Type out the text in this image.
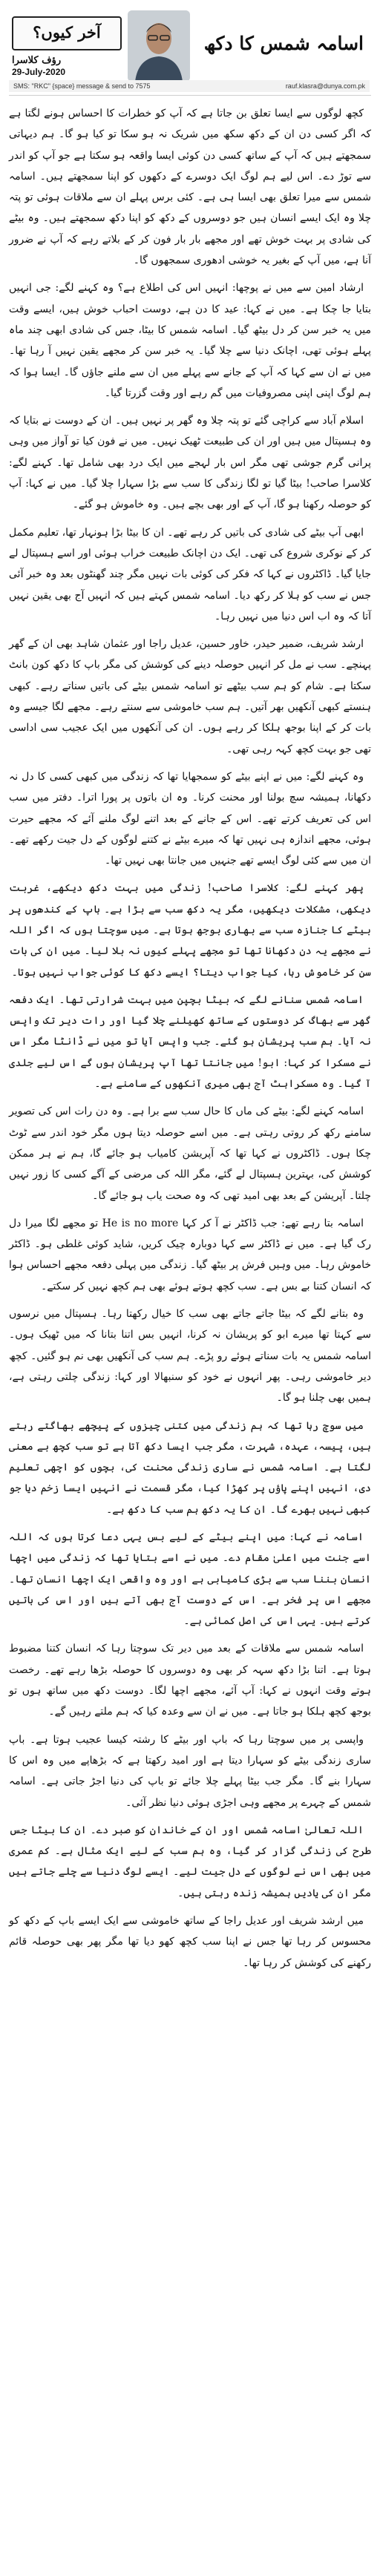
اسامہ شمس کا دکھ
آخر کیوں؟
رؤف کلاسرا
29-July-2020
SMS: "RKC" {space} message & send to 7575	rauf.klasra@dunya.com.pk

کچھ لوگوں سے ایسا تعلق بن جاتا ہے کہ آپ کو خطرات کا احساس ہونے لگتا ہے کہ اگر کسی دن ان کے دکھ سکھ میں شریک نہ ہو سکا تو کیا ہو گا۔ ہم دیہاتی سمجھتے ہیں کہ آپ کے ساتھ کسی دن کوئی ایسا واقعہ ہو سکتا ہے جو آپ کو اندر سے توڑ دے۔ اس لیے ہم لوگ ایک دوسرے کے دکھوں کو اپنا سمجھتے ہیں۔ اسامہ شمس سے میرا تعلق بھی ایسا ہی ہے۔ کئی برس پہلے ان سے ملاقات ہوئی تو پتہ چلا وہ ایک ایسے انسان ہیں جو دوسروں کے دکھ کو اپنا دکھ سمجھتے ہیں۔ وہ بیٹے کی شادی پر بہت خوش تھے اور مجھے بار بار فون کر کے بلاتے رہے کہ آپ نے ضرور آنا ہے، میں آپ کے بغیر یہ خوشی ادھوری سمجھوں گا۔

ارشاد امین سے میں نے پوچھا: انہیں اس کی اطلاع ہے؟ وہ کہنے لگے: جی انہیں بتایا جا چکا ہے۔ میں نے کہا: عید کا دن ہے، دوست احباب خوش ہیں، ایسے وقت میں یہ خبر سن کر دل بیٹھ گیا۔ اسامہ شمس کا بیٹا، جس کی شادی ابھی چند ماہ پہلے ہوئی تھی، اچانک دنیا سے چلا گیا۔ یہ خبر سن کر مجھے یقین نہیں آ رہا تھا۔ میں نے ان سے کہا کہ آپ کے جانے سے پہلے میں ان سے ملنے جاؤں گا۔ ایسا ہوا کہ ہم لوگ اپنی اپنی مصروفیات میں گم رہے اور وقت گزرتا گیا۔

اسلام آباد سے کراچی گئے تو پتہ چلا وہ گھر پر نہیں ہیں۔ ان کے دوست نے بتایا کہ وہ ہسپتال میں ہیں اور ان کی طبیعت ٹھیک نہیں۔ میں نے فون کیا تو آواز میں وہی پرانی گرم جوشی تھی مگر اس بار لہجے میں ایک درد بھی شامل تھا۔ کہنے لگے: کلاسرا صاحب! بیٹا گیا تو لگا زندگی کا سب سے بڑا سہارا چلا گیا۔ میں نے کہا: آپ کو حوصلہ رکھنا ہو گا، آپ کے اور بھی بچے ہیں۔ وہ خاموش ہو گئے۔

ابھی آپ بیٹے کی شادی کی باتیں کر رہے تھے۔ ان کا بیٹا بڑا ہونہار تھا، تعلیم مکمل کر کے نوکری شروع کی تھی۔ ایک دن اچانک طبیعت خراب ہوئی اور اسے ہسپتال لے جایا گیا۔ ڈاکٹروں نے کہا کہ فکر کی کوئی بات نہیں مگر چند گھنٹوں بعد وہ خبر آئی جس نے سب کو ہلا کر رکھ دیا۔ اسامہ شمس کہتے ہیں کہ انہیں آج بھی یقین نہیں آتا کہ وہ اب اس دنیا میں نہیں رہا۔

ارشد شریف، ضمیر حیدر، خاور حسین، عدیل راجا اور عثمان شاہد بھی ان کے گھر پہنچے۔ سب نے مل کر انہیں حوصلہ دینے کی کوشش کی مگر باپ کا دکھ کون بانٹ سکتا ہے۔ شام کو ہم سب بیٹھے تو اسامہ شمس بیٹے کی باتیں سناتے رہے۔ کبھی ہنستے کبھی آنکھیں بھر آتیں۔ ہم سب خاموشی سے سنتے رہے۔ مجھے لگا جیسے وہ بات کر کے اپنا بوجھ ہلکا کر رہے ہوں۔ ان کی آنکھوں میں ایک عجیب سی اداسی تھی جو بہت کچھ کہہ رہی تھی۔

وہ کہنے لگے: میں نے اپنے بیٹے کو سمجھایا تھا کہ زندگی میں کبھی کسی کا دل نہ دکھانا، ہمیشہ سچ بولنا اور محنت کرنا۔ وہ ان باتوں پر پورا اترا۔ دفتر میں سب اس کی تعریف کرتے تھے۔ اس کے جانے کے بعد اتنے لوگ ملنے آئے کہ مجھے حیرت ہوئی، مجھے اندازہ ہی نہیں تھا کہ میرے بیٹے نے کتنے لوگوں کے دل جیت رکھے تھے۔ ان میں سے کئی لوگ ایسے تھے جنہیں میں جانتا بھی نہیں تھا۔

پھر کہنے لگے: کلاسرا صاحب! زندگی میں بہت دکھ دیکھے، غربت دیکھی، مشکلات دیکھیں، مگر یہ دکھ سب سے بڑا ہے۔ باپ کے کندھوں پر بیٹے کا جنازہ سب سے بھاری بوجھ ہوتا ہے۔ میں سوچتا ہوں کہ اگر اللہ نے مجھے یہ دن دکھانا تھا تو مجھے پہلے کیوں نہ بلا لیا۔ میں ان کی بات سن کر خاموش رہا، کیا جواب دیتا؟ ایسے دکھ کا کوئی جواب نہیں ہوتا۔

اسامہ شمس سنانے لگے کہ بیٹا بچپن میں بہت شرارتی تھا۔ ایک دفعہ گھر سے بھاگ کر دوستوں کے ساتھ کھیلنے چلا گیا اور رات دیر تک واپس نہ آیا۔ ہم سب پریشان ہو گئے۔ جب واپس آیا تو میں نے ڈانٹا مگر اس نے مسکرا کر کہا: ابو! میں جانتا تھا آپ پریشان ہوں گے اس لیے جلدی آ گیا۔ وہ مسکراہٹ آج بھی میری آنکھوں کے سامنے ہے۔

اسامہ کہنے لگے: بیٹے کی ماں کا حال سب سے برا ہے۔ وہ دن رات اس کی تصویر سامنے رکھ کر روتی رہتی ہے۔ میں اسے حوصلہ دیتا ہوں مگر خود اندر سے ٹوٹ چکا ہوں۔ ڈاکٹروں نے کہا تھا کہ آپریشن کامیاب ہو جائے گا، ہم نے ہر ممکن کوشش کی، بہترین ہسپتال لے گئے، مگر اللہ کی مرضی کے آگے کسی کا زور نہیں چلتا۔ آپریشن کے بعد بھی امید تھی کہ وہ صحت یاب ہو جائے گا۔

اسامہ بتا رہے تھے: جب ڈاکٹر نے آ کر کہا He is no more تو مجھے لگا میرا دل رک گیا ہے۔ میں نے ڈاکٹر سے کہا دوبارہ چیک کریں، شاید کوئی غلطی ہو۔ ڈاکٹر خاموش رہا۔ میں وہیں فرش پر بیٹھ گیا۔ زندگی میں پہلی دفعہ مجھے احساس ہوا کہ انسان کتنا بے بس ہے۔ سب کچھ ہوتے ہوئے بھی ہم کچھ نہیں کر سکتے۔

وہ بتانے لگے کہ بیٹا جاتے جاتے بھی سب کا خیال رکھتا رہا۔ ہسپتال میں نرسوں سے کہتا تھا میرے ابو کو پریشان نہ کرنا، انہیں بس اتنا بتانا کہ میں ٹھیک ہوں۔ اسامہ شمس یہ بات سناتے ہوئے رو پڑے۔ ہم سب کی آنکھیں بھی نم ہو گئیں۔ کچھ دیر خاموشی رہی۔ پھر انہوں نے خود کو سنبھالا اور کہا: زندگی چلتی رہتی ہے، ہمیں بھی چلنا ہو گا۔

میں سوچ رہا تھا کہ ہم زندگی میں کتنی چیزوں کے پیچھے بھاگتے رہتے ہیں، پیسہ، عہدہ، شہرت، مگر جب ایسا دکھ آتا ہے تو سب کچھ بے معنی لگتا ہے۔ اسامہ شمس نے ساری زندگی محنت کی، بچوں کو اچھی تعلیم دی، انہیں اپنے پاؤں پر کھڑا کیا، مگر قسمت نے انہیں ایسا زخم دیا جو کبھی نہیں بھرے گا۔ ان کا یہ دکھ ہم سب کا دکھ ہے۔

اسامہ نے کہا: میں اپنے بیٹے کے لیے بس یہی دعا کرتا ہوں کہ اللہ اسے جنت میں اعلیٰ مقام دے۔ میں نے اسے بتایا تھا کہ زندگی میں اچھا انسان بننا سب سے بڑی کامیابی ہے اور وہ واقعی ایک اچھا انسان تھا۔ مجھے اس پر فخر ہے۔ اس کے دوست آج بھی آتے ہیں اور اس کی باتیں کرتے ہیں۔ یہی اس کی اصل کمائی ہے۔

اسامہ شمس سے ملاقات کے بعد میں دیر تک سوچتا رہا کہ انسان کتنا مضبوط ہوتا ہے۔ اتنا بڑا دکھ سہہ کر بھی وہ دوسروں کا حوصلہ بڑھا رہے تھے۔ رخصت ہوتے وقت انہوں نے کہا: آپ آئے، مجھے اچھا لگا۔ دوست دکھ میں ساتھ ہوں تو بوجھ کچھ ہلکا ہو جاتا ہے۔ میں نے ان سے وعدہ کیا کہ ہم ملتے رہیں گے۔

واپسی پر میں سوچتا رہا کہ باپ اور بیٹے کا رشتہ کیسا عجیب ہوتا ہے۔ باپ ساری زندگی بیٹے کو سہارا دیتا ہے اور امید رکھتا ہے کہ بڑھاپے میں وہ اس کا سہارا بنے گا۔ مگر جب بیٹا پہلے چلا جائے تو باپ کی دنیا اجڑ جاتی ہے۔ اسامہ شمس کے چہرے پر مجھے وہی اجڑی ہوئی دنیا نظر آئی۔

اللہ تعالیٰ اسامہ شمس اور ان کے خاندان کو صبر دے۔ ان کا بیٹا جس طرح کی زندگی گزار کر گیا، وہ ہم سب کے لیے ایک مثال ہے۔ کم عمری میں بھی اس نے لوگوں کے دل جیت لیے۔ ایسے لوگ دنیا سے چلے جاتے ہیں مگر ان کی یادیں ہمیشہ زندہ رہتی ہیں۔

میں ارشد شریف اور عدیل راجا کے ساتھ خاموشی سے ایک ایسے باپ کے دکھ کو محسوس کر رہا تھا جس نے اپنا سب کچھ کھو دیا تھا مگر پھر بھی حوصلہ قائم رکھنے کی کوشش کر رہا تھا۔
